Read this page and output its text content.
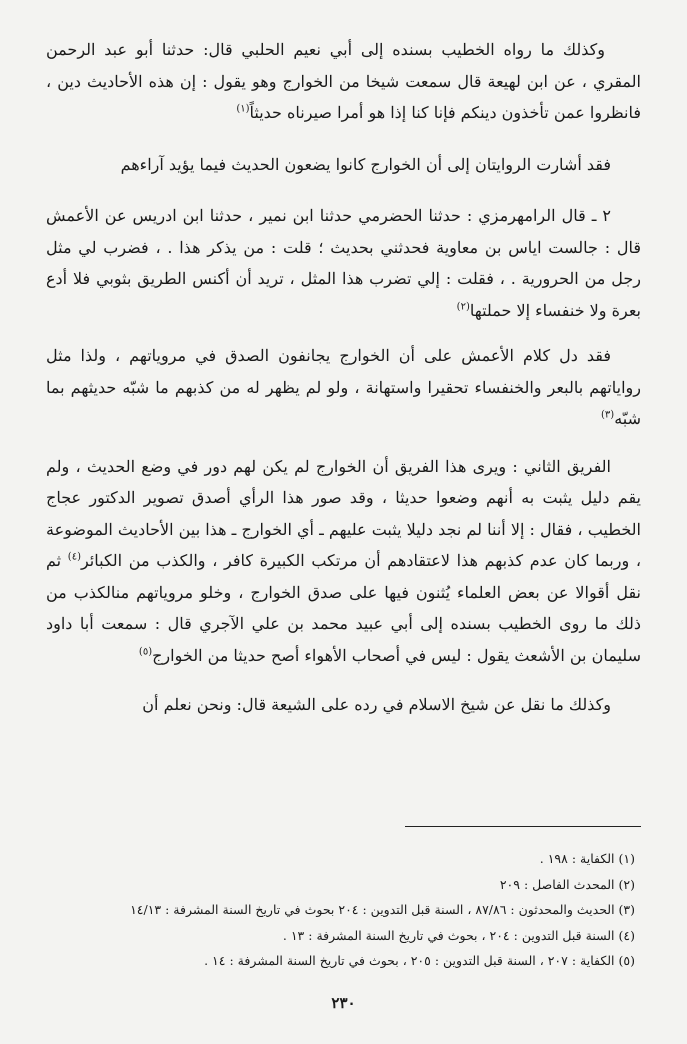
وكذلك ما رواه الخطيب بسنده إلى أبي نعيم الحلبي قال: حدثنا أبو عبد الرحمن المقري ، عن ابن لهيعة قال سمعت شيخا من الخوارج وهو يقول : إن هذه الأحاديث دين ، فانظروا عمن تأخذون دينكم فإنا كنا إذا هو أمرا صيرناه حديثاً$^{(١)}$

فقد أشارت الروايتان إلى أن الخوارج كانوا يضعون الحديث فيما يؤيد آراءهم

٢ ـ قال الرامهرمزي : حدثنا الحضرمي حدثنا ابن نمير ، حدثنا ابن ادريس عن الأعمش قال : جالست اياس بن معاوية فحدثني بحديث ؛ قلت : من يذكر هذا . ، فضرب لي مثل رجل من الحرورية . ، فقلت : إلي تضرب هذا المثل ، تريد أن أكنس الطريق بثوبي فلا أدع بعرة ولا خنفساء إلا حملتها$^{(٢)}$

فقد دل كلام الأعمش على أن الخوارج يجانفون الصدق في مروياتهم ، ولذا مثل رواياتهم بالبعر والخنفساء تحقيرا واستهانة ، ولو لم يظهر له من كذبهم ما شبّه حديثهم بما شبّه$^{(٣)}$

الفريق الثاني : ويرى هذا الفريق أن الخوارج لم يكن لهم دور في وضع الحديث ، ولم يقم دليل يثبت به أنهم وضعوا حديثا ، وقد صور هذا الرأي أصدق تصوير الدكتور عجاج الخطيب ، فقال : إلا أننا لم نجد دليلا يثبت عليهم ـ أي الخوارج ـ هذا بين الأحاديث الموضوعة ، وربما كان عدم كذبهم هذا لاعتقادهم أن مرتكب الكبيرة كافر ، والكذب من الكبائر$^{(٤)}$ ثم نقل أقوالا عن بعض العلماء يُثنون فيها على صدق الخوارج ، وخلو مروياتهم منالكذب من ذلك ما روى الخطيب بسنده إلى أبي عبيد محمد بن علي الآجري قال : سمعت أبا داود سليمان بن الأشعث يقول : ليس في أصحاب الأهواء أصح حديثا من الخوارج$^{(٥)}$

وكذلك ما نقل عن شيخ الاسلام في رده على الشيعة قال: ونحن نعلم أن

(١) الكفاية : ١٩٨ .
(٢) المحدث الفاصل : ٢٠٩
(٣) الحديث والمحدثون : ٨٧/٨٦ ، السنة قبل التدوين : ٢٠٤ بحوث في تاريخ السنة المشرفة : ١٤/١٣
(٤) السنة قبل التدوين : ٢٠٤ ، بحوث في تاريخ السنة المشرفة : ١٣ .
(٥) الكفاية : ٢٠٧ ، السنة قبل التدوين : ٢٠٥ ، بحوث في تاريخ السنة المشرفة : ١٤ .
٢٣٠
